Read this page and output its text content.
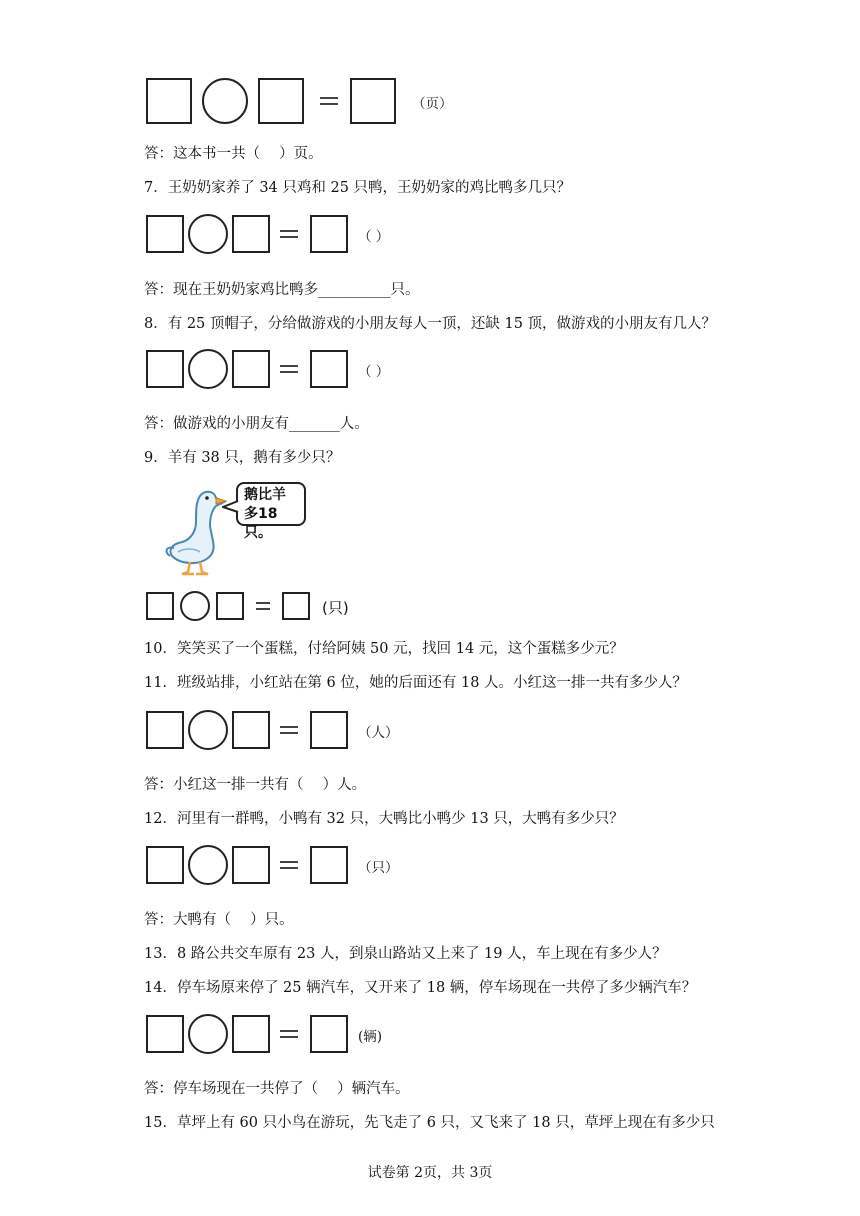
（页）
答：这本书一共（　 ）页。
7．王奶奶家养了 34 只鸡和 25 只鸭，王奶奶家的鸡比鸭多几只？
（ ）
答：现在王奶奶家鸡比鸭多__________只。
8．有 25 顶帽子，分给做游戏的小朋友每人一顶，还缺 15 顶，做游戏的小朋友有几人？
（ ）
答：做游戏的小朋友有_______人。
9．羊有 38 只，鹅有多少只？
(只)
10．笑笑买了一个蛋糕，付给阿姨 50 元，找回 14 元，这个蛋糕多少元？
11．班级站排，小红站在第 6 位，她的后面还有 18 人。小红这一排一共有多少人？
（人）
答：小红这一排一共有（　 ）人。
12．河里有一群鸭，小鸭有 32 只，大鸭比小鸭少 13 只，大鸭有多少只？
（只）
答：大鸭有（　 ）只。
13．8 路公共交车原有 23 人，到泉山路站又上来了 19 人，车上现在有多少人？
14．停车场原来停了 25 辆汽车，又开来了 18 辆，停车场现在一共停了多少辆汽车？
(辆)
答：停车场现在一共停了（　 ）辆汽车。
15．草坪上有 60 只小鸟在游玩，先飞走了 6 只，又飞来了 18 只，草坪上现在有多少只
鹅比羊
多18只。
试卷第 2页，共 3页
